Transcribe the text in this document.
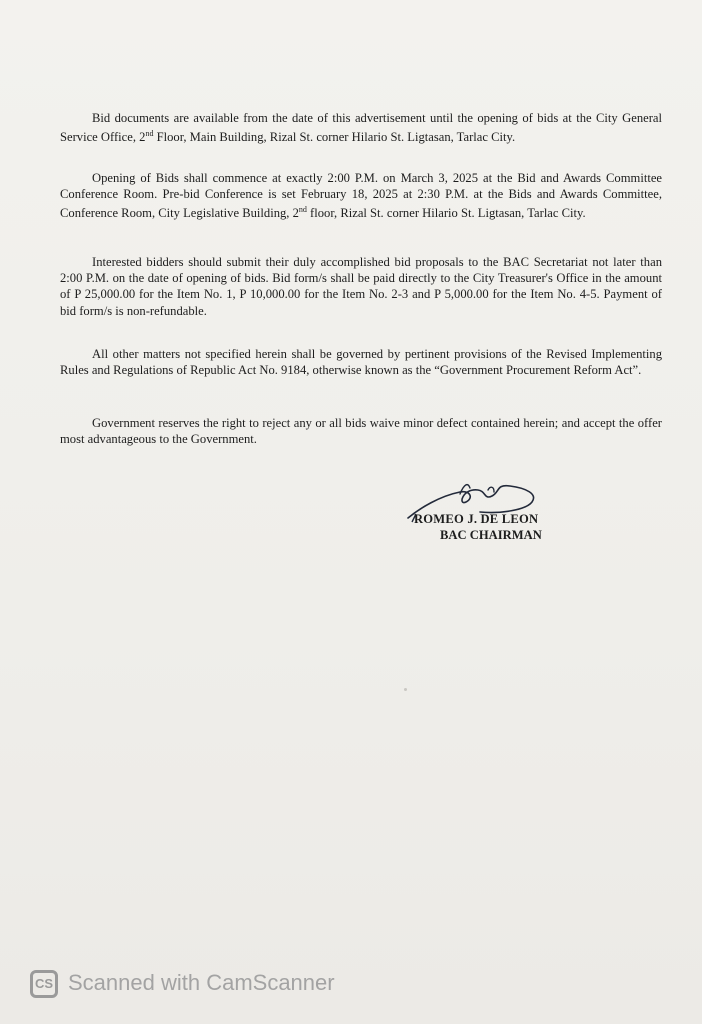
Bid documents are available from the date of this advertisement until the opening of bids at the City General Service Office, 2nd Floor, Main Building, Rizal St. corner Hilario St. Ligtasan, Tarlac City.

Opening of Bids shall commence at exactly 2:00 P.M. on March 3, 2025 at the Bid and Awards Committee Conference Room. Pre-bid Conference is set February 18, 2025 at 2:30 P.M. at the Bids and Awards Committee, Conference Room, City Legislative Building, 2nd floor, Rizal St. corner Hilario St. Ligtasan, Tarlac City.

Interested bidders should submit their duly accomplished bid proposals to the BAC Secretariat not later than 2:00 P.M. on the date of opening of bids. Bid form/s shall be paid directly to the City Treasurer's Office in the amount of P 25,000.00 for the Item No. 1, P 10,000.00 for the Item No. 2-3 and P 5,000.00 for the Item No. 4-5. Payment of bid form/s is non-refundable.

All other matters not specified herein shall be governed by pertinent provisions of the Revised Implementing Rules and Regulations of Republic Act No. 9184, otherwise known as the “Government Procurement Reform Act”.

Government reserves the right to reject any or all bids waive minor defect contained herein; and accept the offer most advantageous to the Government.

ROMEO J. DE LEON
BAC CHAIRMAN
CS Scanned with CamScanner
